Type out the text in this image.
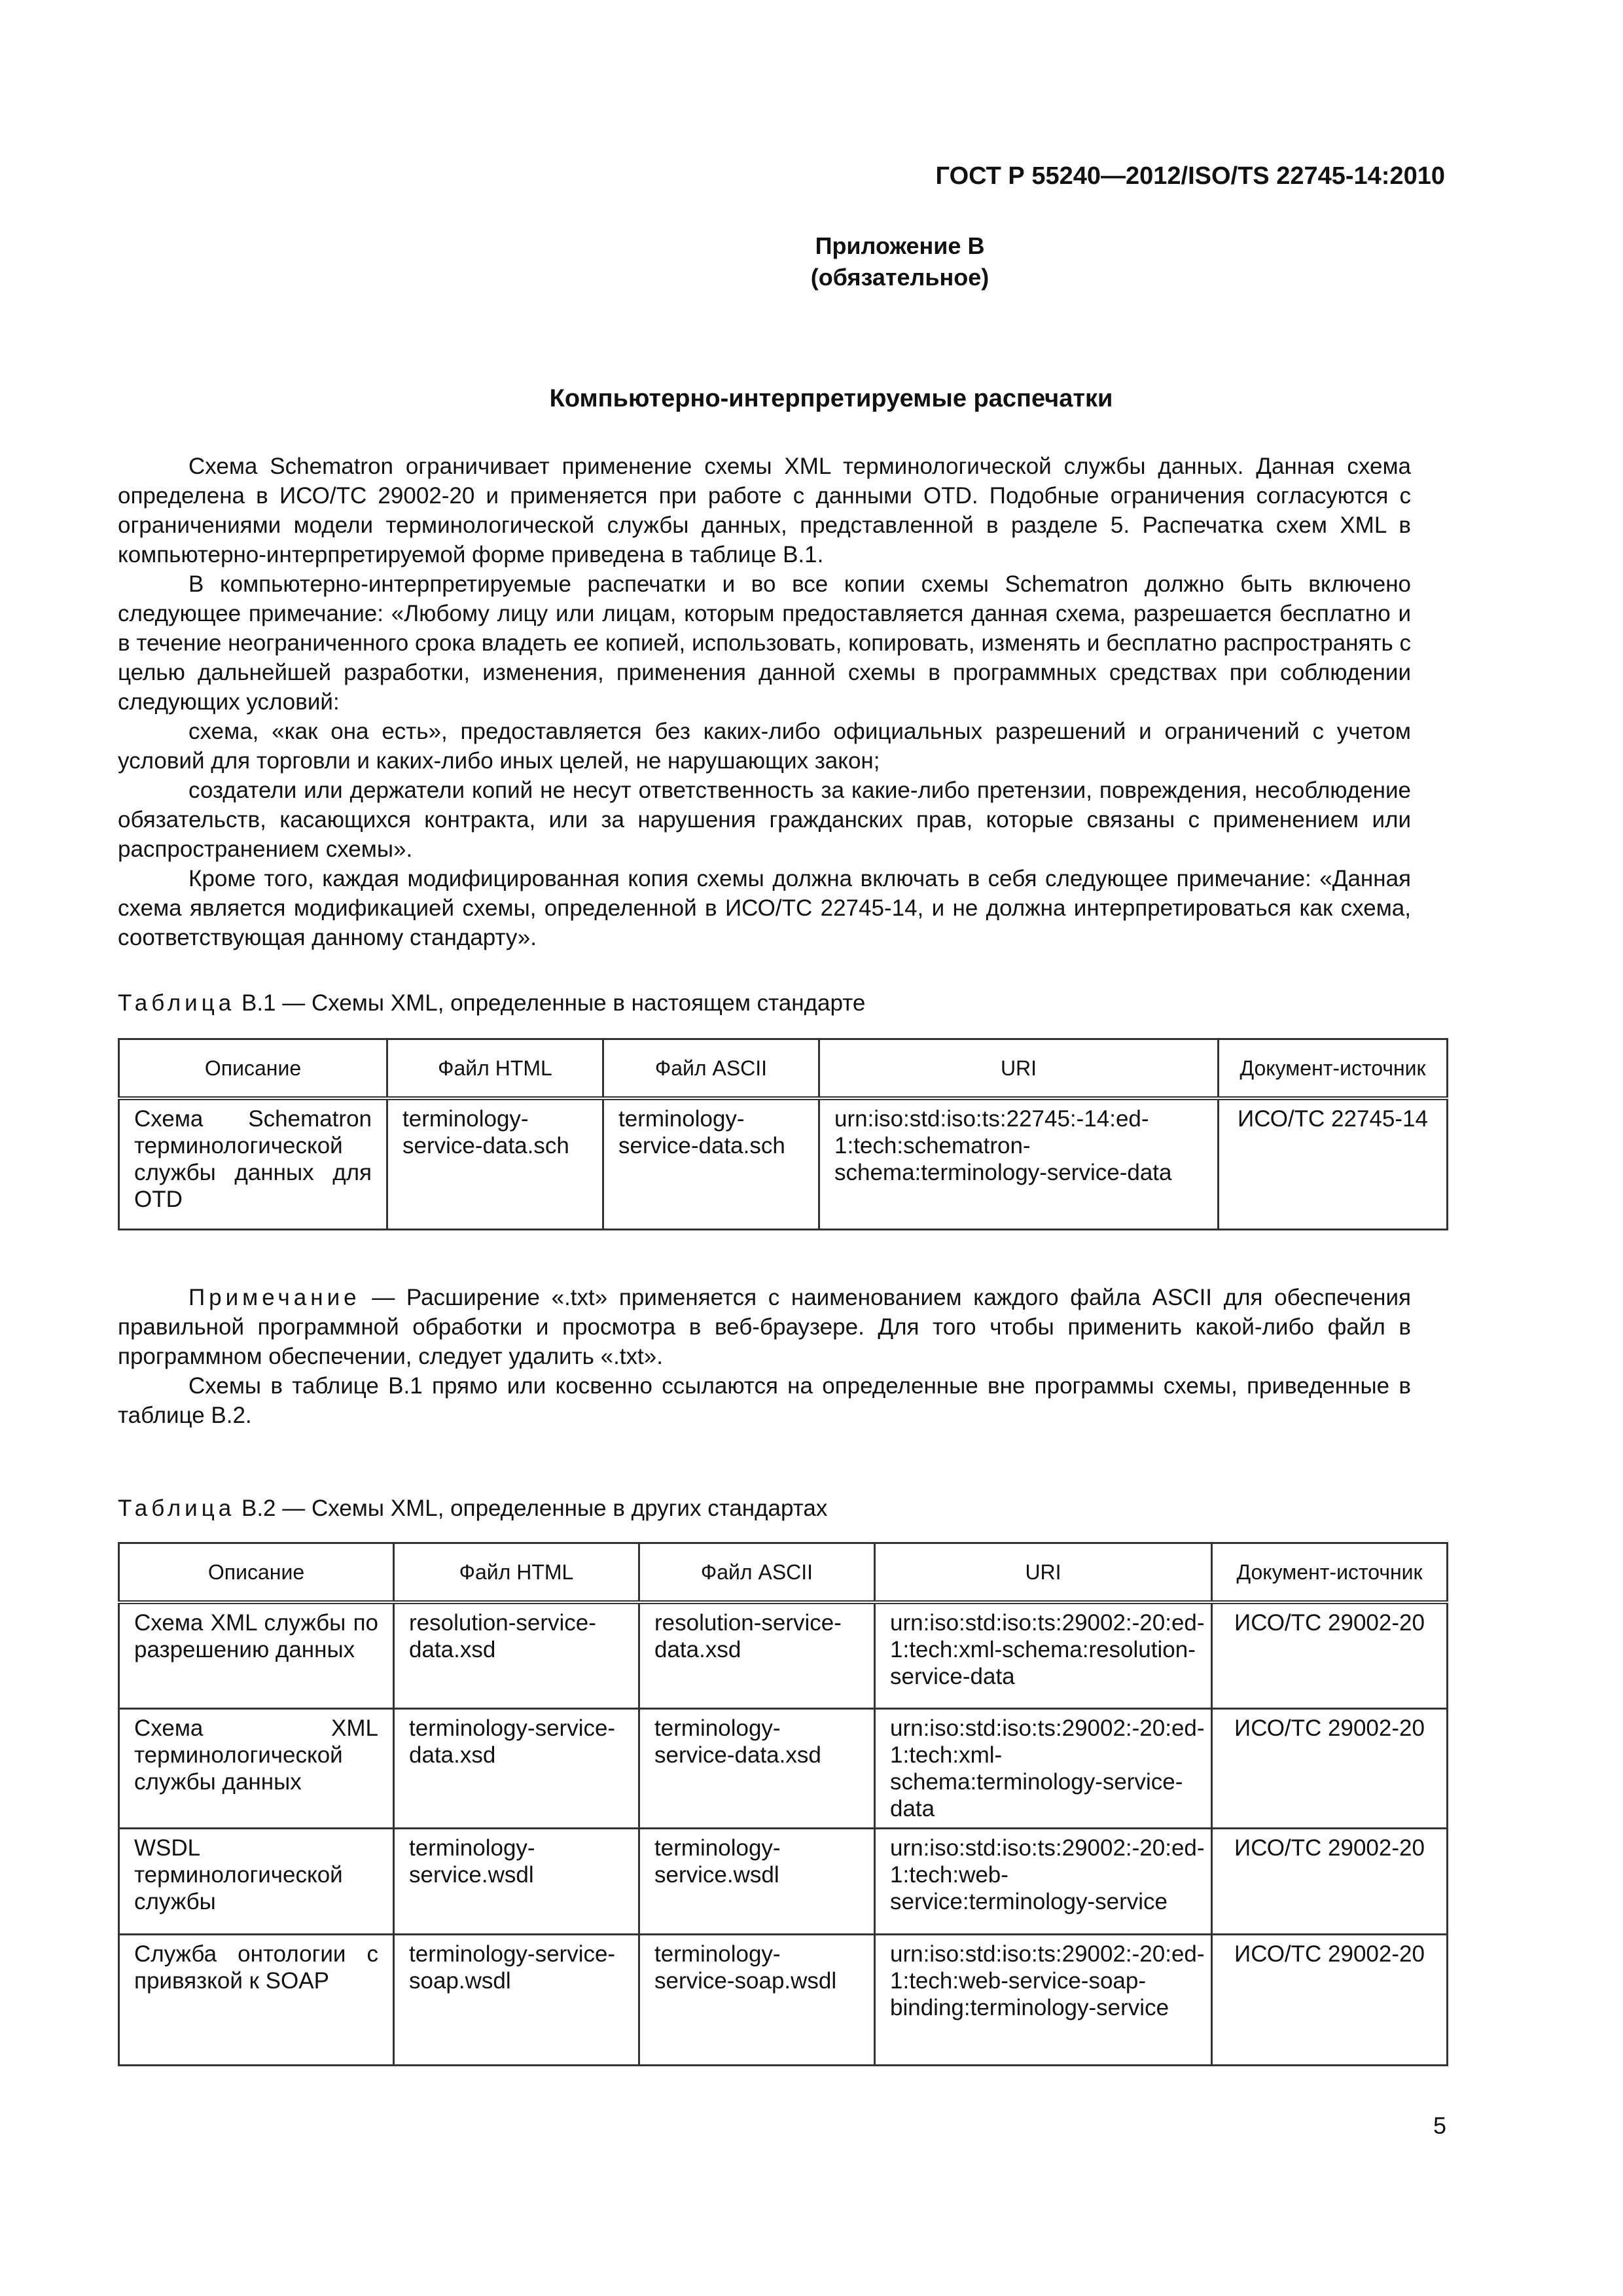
ГОСТ Р 55240—2012/ISO/TS 22745-14:2010
Приложение В
(обязательное)
Компьютерно-интерпретируемые распечатки

Схема Schematron ограничивает применение схемы XML терминологической службы данных. Данная схема определена в ИСО/ТС 29002-20 и применяется при работе с данными OTD. Подобные ограничения согласуются с ограничениями модели терминологической службы данных, представленной в разделе 5. Распечатка схем XML в компьютерно-интерпретируемой форме приведена в таблице В.1.

В компьютерно-интерпретируемые распечатки и во все копии схемы Schematron должно быть включено следующее примечание: «Любому лицу или лицам, которым предоставляется данная схема, разрешается бесплатно и в течение неограниченного срока владеть ее копией, использовать, копировать, изменять и бесплатно распространять с целью дальнейшей разработки, изменения, применения данной схемы в программных средствах при соблюдении следующих условий:

схема, «как она есть», предоставляется без каких-либо официальных разрешений и ограничений с учетом условий для торговли и каких-либо иных целей, не нарушающих закон;

создатели или держатели копий не несут ответственность за какие-либо претензии, повреждения, несоблюдение обязательств, касающихся контракта, или за нарушения гражданских прав, которые связаны с применением или распространением схемы».

Кроме того, каждая модифицированная копия схемы должна включать в себя следующее примечание: «Данная схема является модификацией схемы, определенной в ИСО/ТС 22745-14, и не должна интерпретироваться как схема, соответствующая данному стандарту».

Таблица В.1 — Схемы XML, определенные в настоящем стандарте
Описание	Файл HTML	Файл ASCII	URI	Документ-источник
Схема Schematron терминологической службы данных для OTD	terminology-service-data.sch	terminology-service-data.sch	urn:iso:std:iso:ts:22745:-14:ed-1:tech:schematron-schema:terminology-service-data	ИСО/ТС 22745-14

Примечание — Расширение «.txt» применяется с наименованием каждого файла ASCII для обеспечения правильной программной обработки и просмотра в веб-браузере. Для того чтобы применить какой-либо файл в программном обеспечении, следует удалить «.txt».

Схемы в таблице В.1 прямо или косвенно ссылаются на определенные вне программы схемы, приведенные в таблице В.2.

Таблица В.2 — Схемы XML, определенные в других стандартах
Описание	Файл HTML	Файл ASCII	URI	Документ-источник
Схема XML службы по разрешению данных	resolution-service-data.xsd	resolution-service-data.xsd	urn:iso:std:iso:ts:29002:-20:ed-1:tech:xml-schema:resolution-service-data	ИСО/ТС 29002-20
Схема XML терминологической службы данных	terminology-service-data.xsd	terminology-service-data.xsd	urn:iso:std:iso:ts:29002:-20:ed-1:tech:xml-schema:terminology-service-data	ИСО/ТС 29002-20
WSDL терминологической службы	terminology-service.wsdl	terminology-service.wsdl	urn:iso:std:iso:ts:29002:-20:ed-1:tech:web-service:terminology-service	ИСО/ТС 29002-20
Служба онтологии с привязкой к SOAP	terminology-service-soap.wsdl	terminology-service-soap.wsdl	urn:iso:std:iso:ts:29002:-20:ed-1:tech:web-service-soap-binding:terminology-service	ИСО/ТС 29002-20
5
